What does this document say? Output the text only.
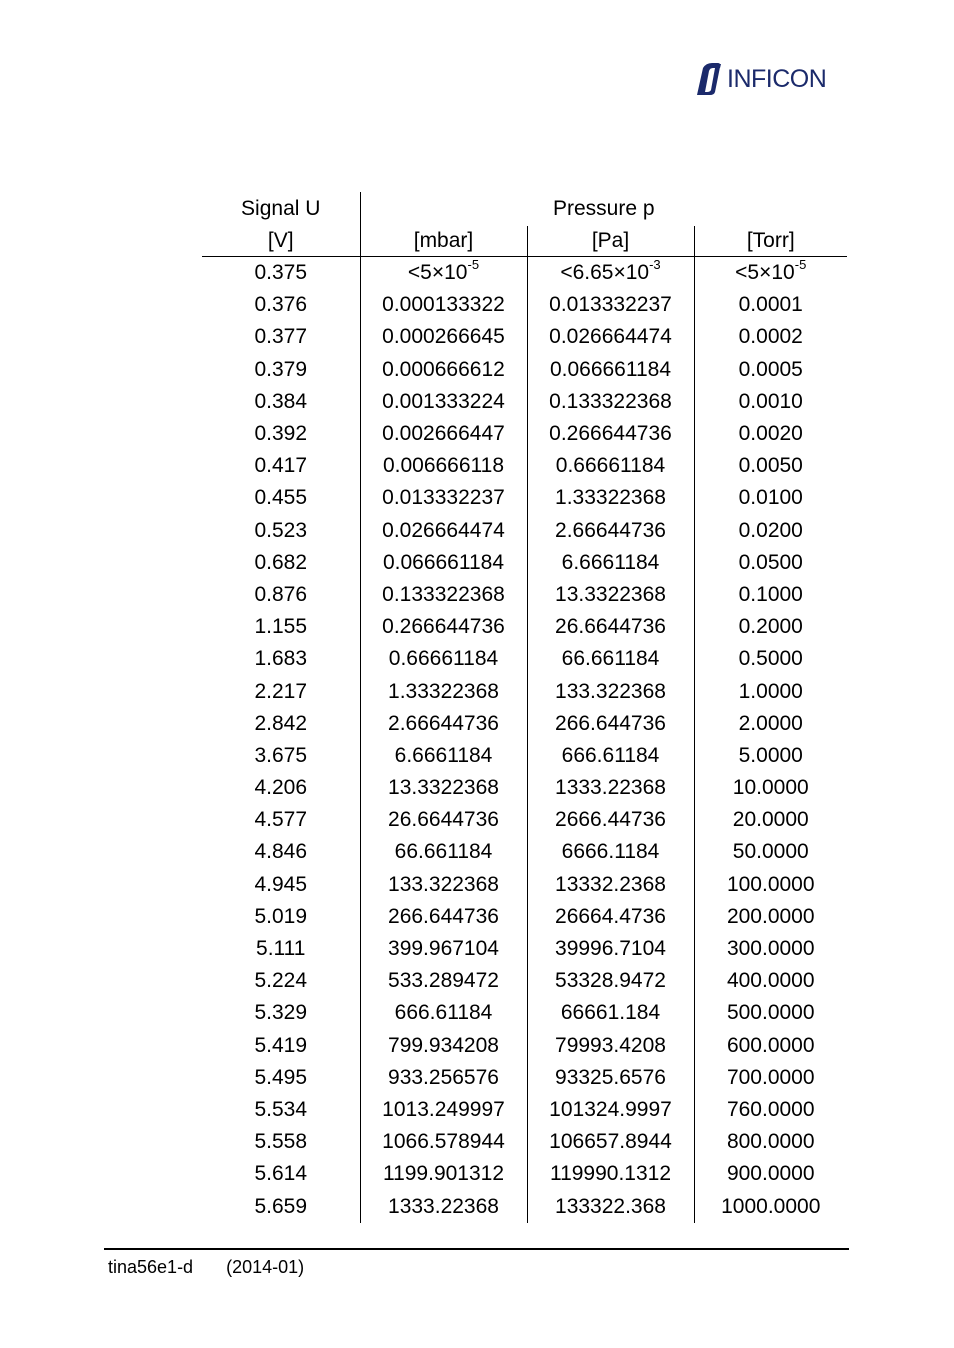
INFICON
Signal U	Pressure p		
[V]	[mbar]	[Pa]	[Torr]
0.375	$<5\times 10^{-5}$	$<6.65\times 10^{-3}$	$<5\times 10^{-5}$
0.376	0.000133322	0.013332237	0.0001
0.377	0.000266645	0.026664474	0.0002
0.379	0.000666612	0.066661184	0.0005
0.384	0.001333224	0.133322368	0.0010
0.392	0.002666447	0.266644736	0.0020
0.417	0.006666118	0.66661184	0.0050
0.455	0.013332237	1.33322368	0.0100
0.523	0.026664474	2.66644736	0.0200
0.682	0.066661184	6.6661184	0.0500
0.876	0.133322368	13.3322368	0.1000
1.155	0.266644736	26.6644736	0.2000
1.683	0.66661184	66.661184	0.5000
2.217	1.33322368	133.322368	1.0000
2.842	2.66644736	266.644736	2.0000
3.675	6.6661184	666.61184	5.0000
4.206	13.3322368	1333.22368	10.0000
4.577	26.6644736	2666.44736	20.0000
4.846	66.661184	6666.1184	50.0000
4.945	133.322368	13332.2368	100.0000
5.019	266.644736	26664.4736	200.0000
5.111	399.967104	39996.7104	300.0000
5.224	533.289472	53328.9472	400.0000
5.329	666.61184	66661.184	500.0000
5.419	799.934208	79993.4208	600.0000
5.495	933.256576	93325.6576	700.0000
5.534	1013.249997	101324.9997	760.0000
5.558	1066.578944	106657.8944	800.0000
5.614	1199.901312	119990.1312	900.0000
5.659	1333.22368	133322.368	1000.0000
tina56e1-d (2014-01)
